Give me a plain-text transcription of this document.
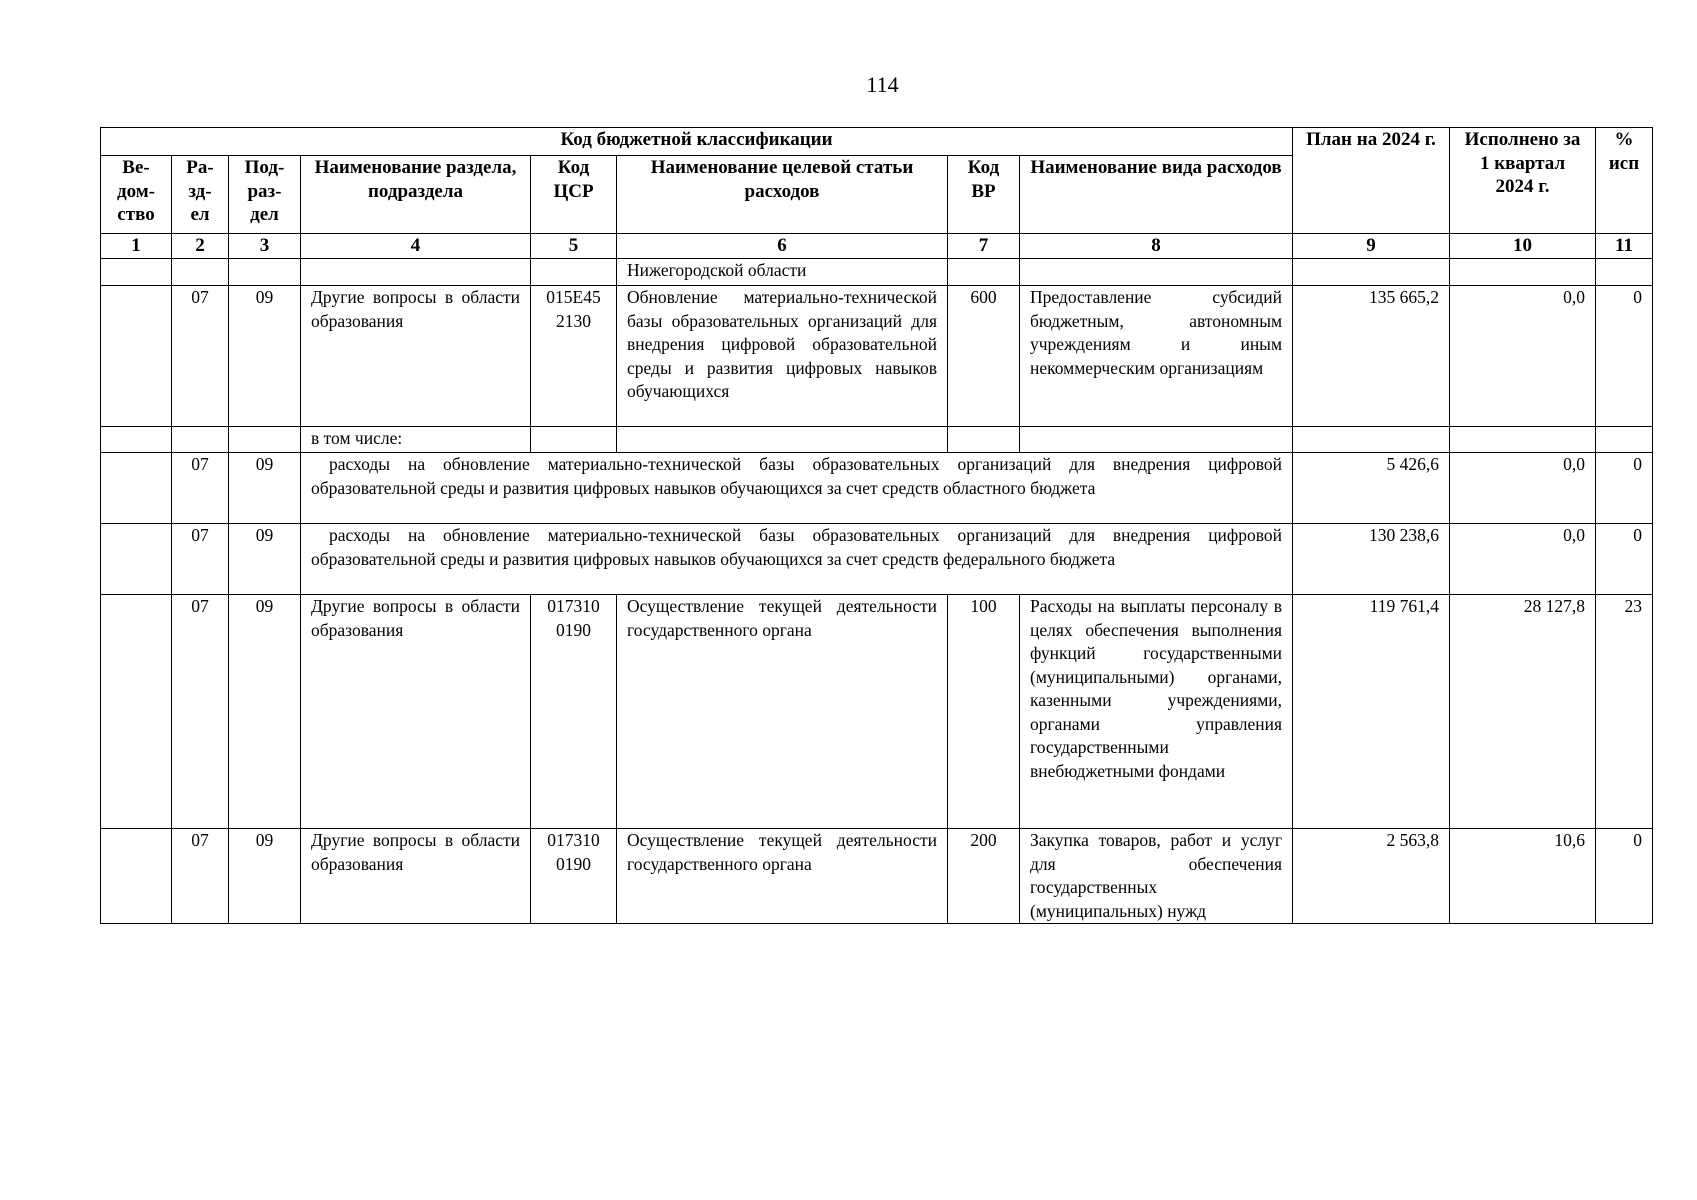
114
Код бюджетной классификации								План на 2024 г.	Исполнено за 1 квартал 2024 г.	% исп
Ве-дом-ство	Ра-зд-ел	Под-раз-дел	Наименование раздела, подраздела	Код ЦСР	Наименование целевой статьи расходов	Код ВР	Наименование вида расходов			
1	2	3	4	5	6	7	8	9	10	11
					Нижегородской области					
	07	09	Другие вопросы в области образования	015E45 2130	Обновление материально-технической базы образовательных организаций для внедрения цифровой образовательной среды и развития цифровых навыков обучающихся	600	Предоставление субсидий бюджетным, автономным учреждениям и иным некоммерческим организациям	135 665,2	0,0	0
			в том числе:							
	07	09	расходы на обновление материально-технической базы образовательных организаций для внедрения цифровой образовательной среды и развития цифровых навыков обучающихся за счет средств областного бюджета					5 426,6	0,0	0
	07	09	расходы на обновление материально-технической базы образовательных организаций для внедрения цифровой образовательной среды и развития цифровых навыков обучающихся за счет средств федерального бюджета					130 238,6	0,0	0
	07	09	Другие вопросы в области образования	017310 0190	Осуществление текущей деятельности государственного органа	100	Расходы на выплаты персоналу в целях обеспечения выполнения функций государственными (муниципальными) органами, казенными учреждениями, органами управления государственными внебюджетными фондами	119 761,4	28 127,8	23
	07	09	Другие вопросы в области образования	017310 0190	Осуществление текущей деятельности государственного органа	200	Закупка товаров, работ и услуг для обеспечения государственных (муниципальных) нужд	2 563,8	10,6	0
